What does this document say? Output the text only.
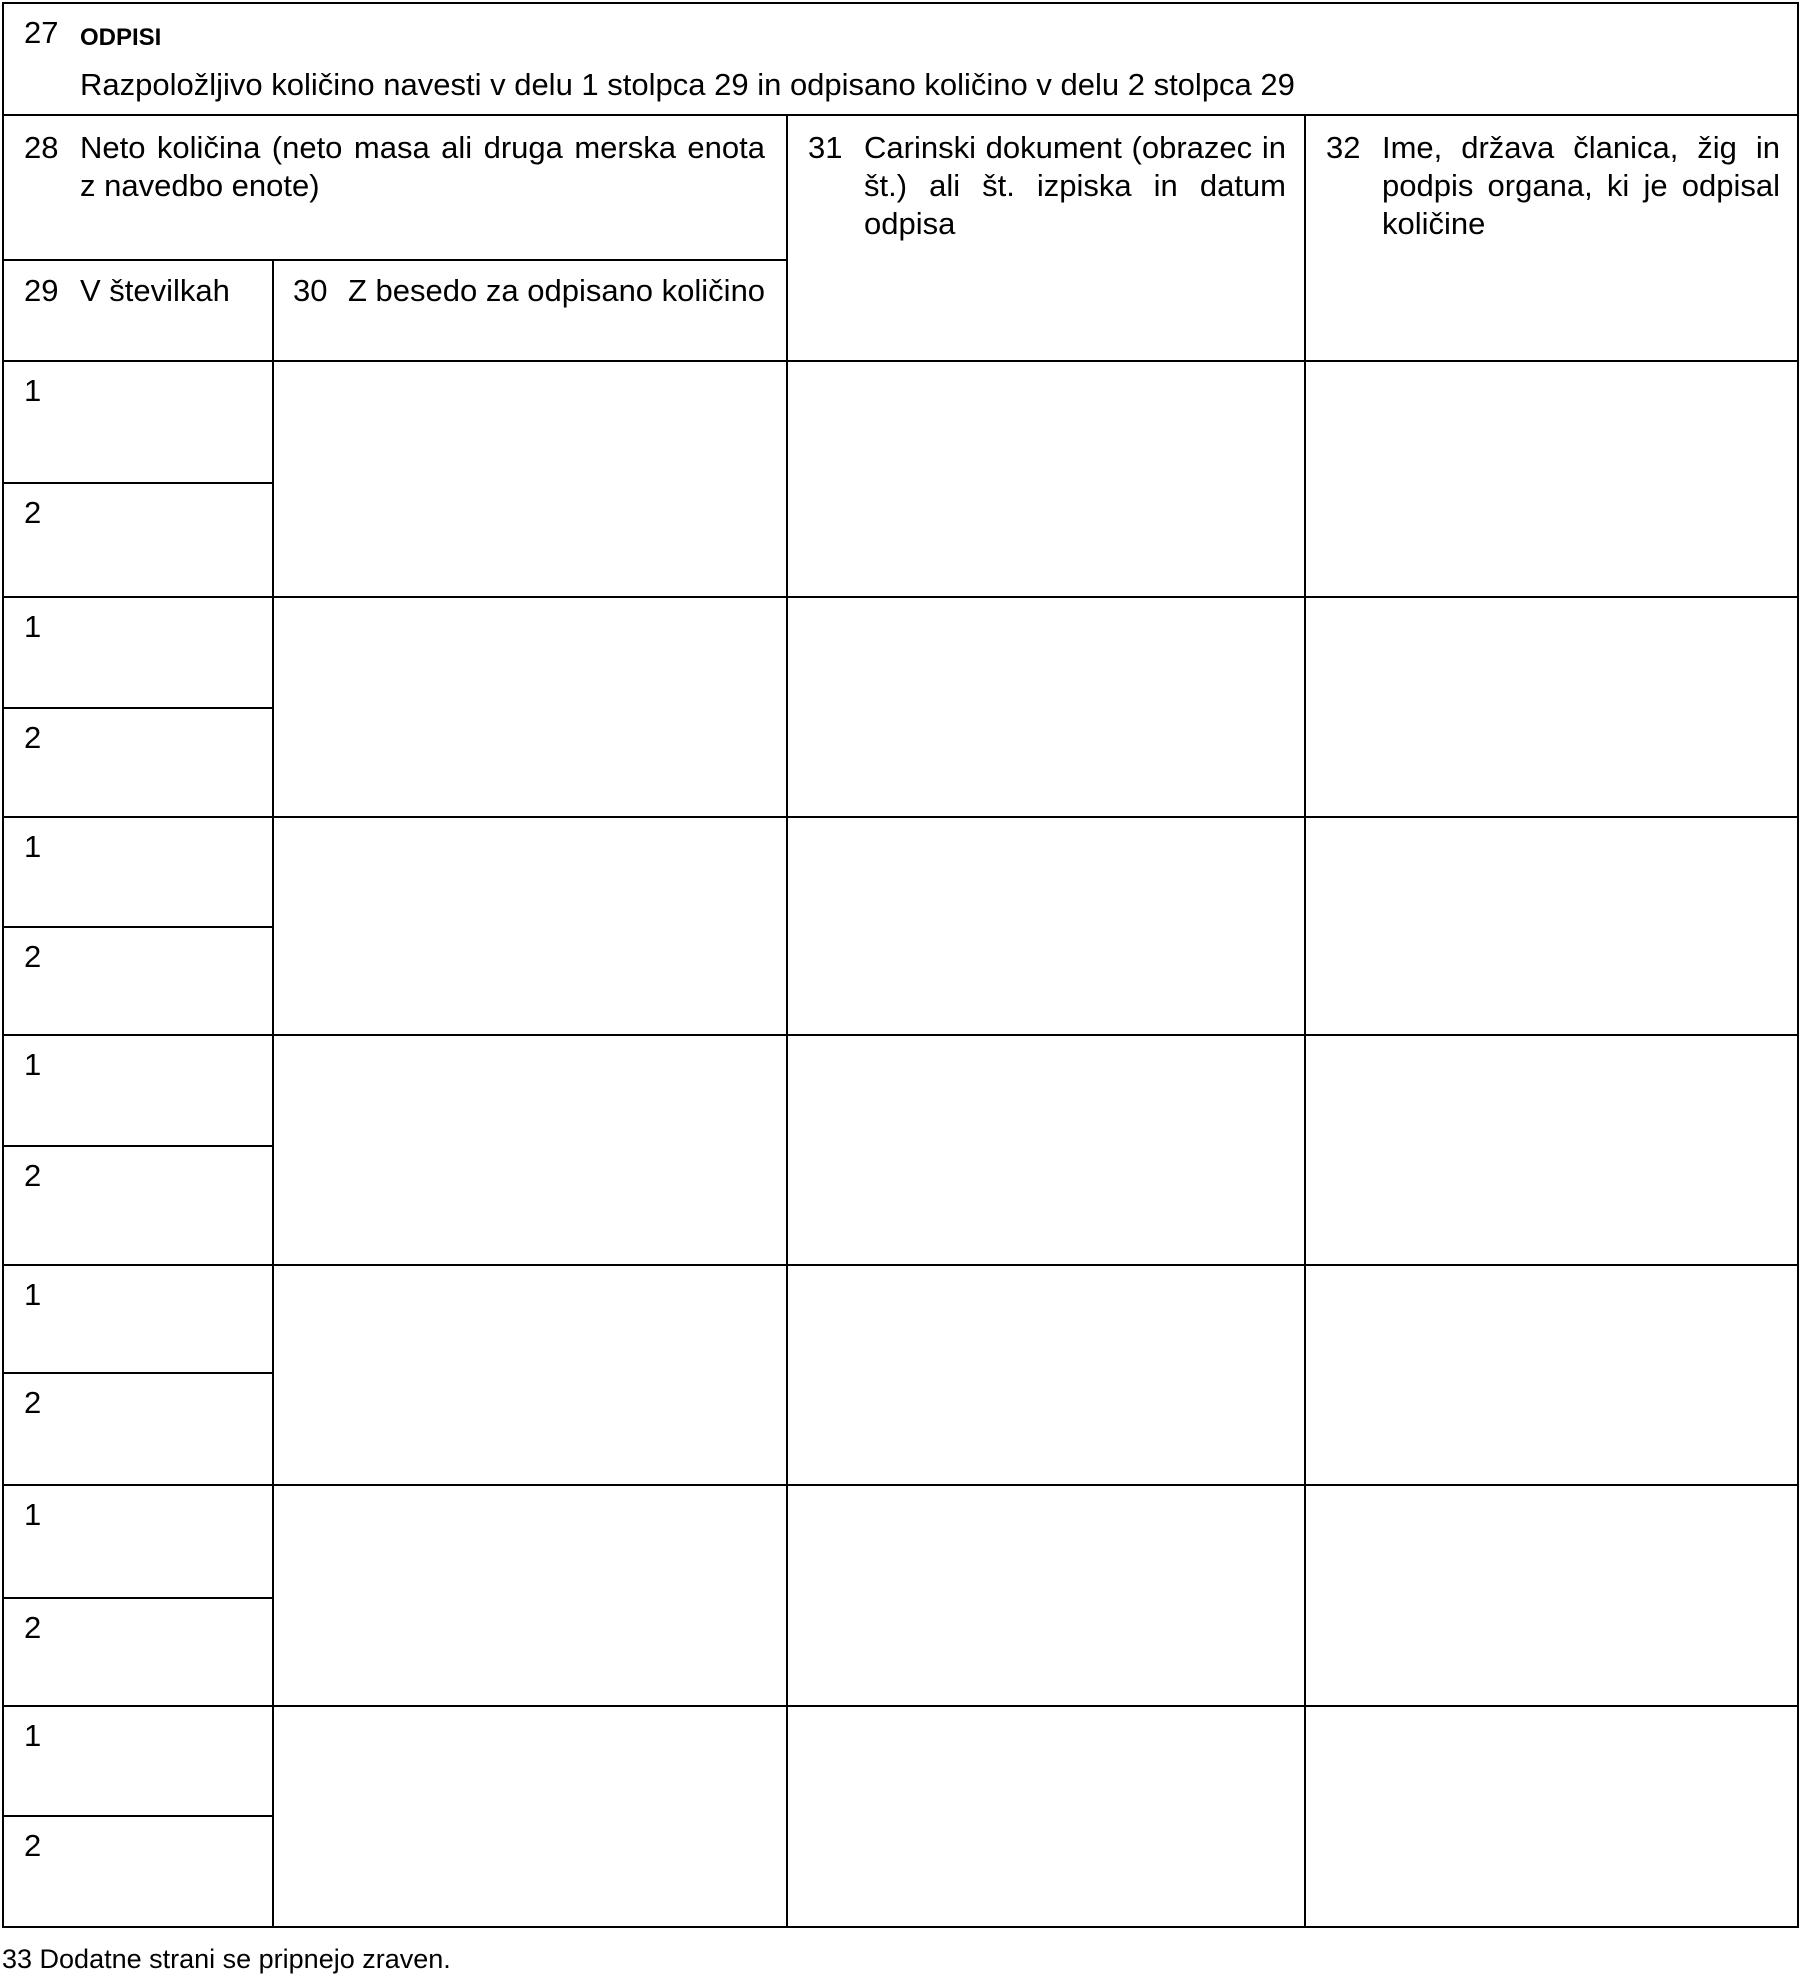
27 ODPISI
Razpoložljivo količino navesti v delu 1 stolpca 29 in odpisano količino v delu 2 stolpca 29
28 Neto količina (neto masa ali druga merska enota z navedbo enote)
29 V številkah 30 Z besedo za odpisano količino
31 Carinski dokument (obrazec in št.) ali št. izpiska in datum odpisa
32 Ime, država članica, žig in podpis organa, ki je odpisal količine
1
2
1
2
1
2
1
2
1
2
1
2
1
2
33 Dodatne strani se pripnejo zraven.
